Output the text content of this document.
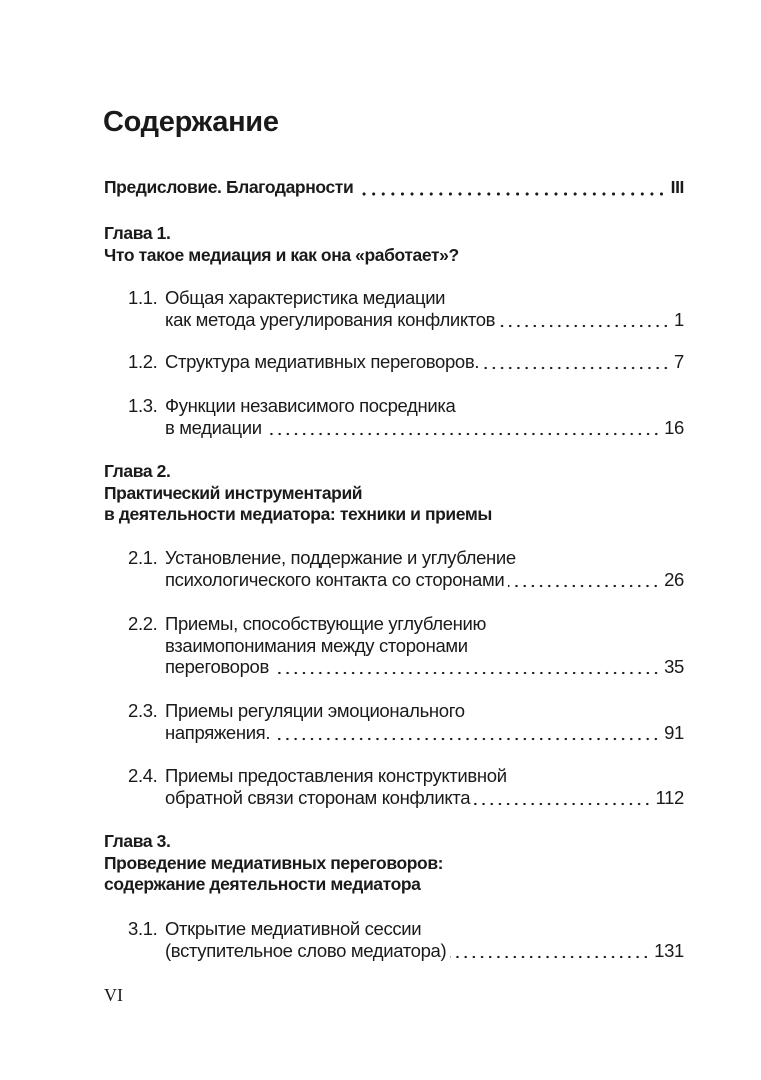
Содержание
Предисловие. Благодарности	III
Глава 1.
Что такое медиация и как она «работает»?
1.1. Общая характеристика медиации
как метода урегулирования конфликтов	1
1.2. Структура медиативных переговоров.	7
1.3. Функции независимого посредника
в медиации	16
Глава 2.
Практический инструментарий
в деятельности медиатора: техники и приемы
2.1. Установление, поддержание и углубление
психологического контакта со сторонами	26
2.2. Приемы, способствующие углублению
взаимопонимания между сторонами
переговоров	35
2.3. Приемы регуляции эмоционального
напряжения.	91
2.4. Приемы предоставления конструктивной
обратной связи сторонам конфликта	112
Глава 3.
Проведение медиативных переговоров:
содержание деятельности медиатора
3.1. Открытие медиативной сессии
(вступительное слово медиатора)	131
VI
